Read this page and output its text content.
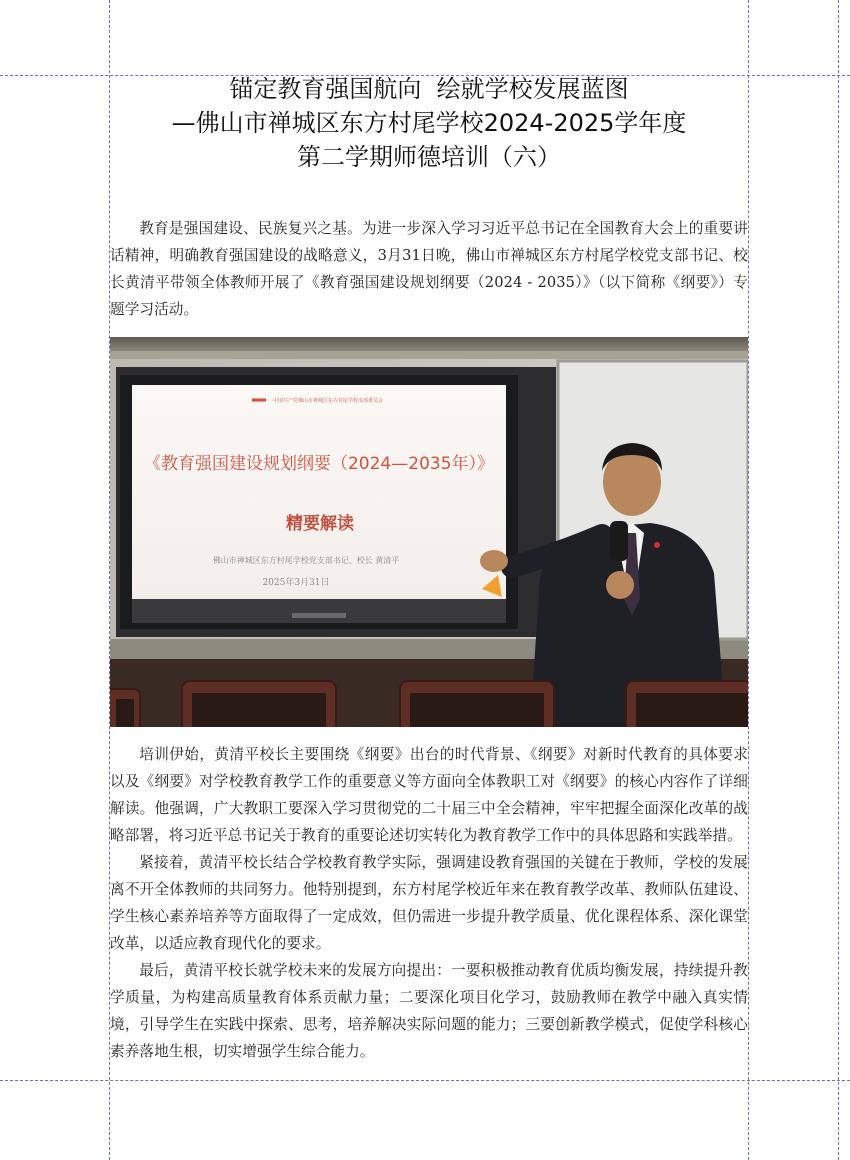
锚定教育强国航向  绘就学校发展蓝图
—佛山市禅城区东方村尾学校2024-2025学年度
第二学期师德培训（六）

教育是强国建设、民族复兴之基。为进一步深入学习习近平总书记在全国教育大会上的重要讲话精神，明确教育强国建设的战略意义，3月31日晚，佛山市禅城区东方村尾学校党支部书记、校长黄清平带领全体教师开展了《教育强国建设规划纲要（2024 - 2035）》（以下简称《纲要》）专题学习活动。

中国共产党佛山市禅城区东方村尾学校支部委员会
《教育强国建设规划纲要（2024—2035年）》
精要解读
佛山市禅城区东方村尾学校党支部书记、校长 黄清平
2025年3月31日

培训伊始，黄清平校长主要围绕《纲要》出台的时代背景、《纲要》对新时代教育的具体要求以及《纲要》对学校教育教学工作的重要意义等方面向全体教职工对《纲要》的核心内容作了详细解读。他强调，广大教职工要深入学习贯彻党的二十届三中全会精神，牢牢把握全面深化改革的战略部署，将习近平总书记关于教育的重要论述切实转化为教育教学工作中的具体思路和实践举措。

紧接着，黄清平校长结合学校教育教学实际，强调建设教育强国的关键在于教师，学校的发展离不开全体教师的共同努力。他特别提到，东方村尾学校近年来在教育教学改革、教师队伍建设、学生核心素养培养等方面取得了一定成效，但仍需进一步提升教学质量、优化课程体系、深化课堂改革，以适应教育现代化的要求。

最后，黄清平校长就学校未来的发展方向提出：一要积极推动教育优质均衡发展，持续提升教学质量，为构建高质量教育体系贡献力量；二要深化项目化学习，鼓励教师在教学中融入真实情境，引导学生在实践中探索、思考，培养解决实际问题的能力；三要创新教学模式，促使学科核心素养落地生根，切实增强学生综合能力。
